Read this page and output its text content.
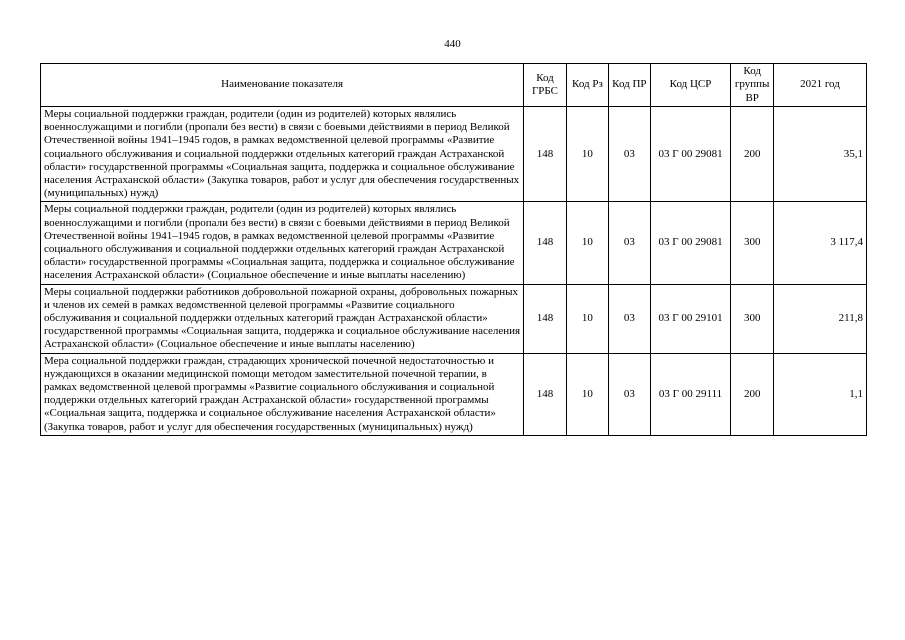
440
Наименование показателя	Код ГРБС	Код Рз	Код ПР	Код ЦСР	Код группы ВР	2021 год
Меры социальной поддержки граждан, родители (один из родителей) которых являлись военнослужащими и погибли (пропали без вести) в связи с боевыми действиями в период Великой Отечественной войны 1941–1945 годов, в рамках ведомственной целевой программы «Развитие социального обслуживания и социальной поддержки отдельных категорий граждан Астраханской области» государственной программы «Социальная защита, поддержка и социальное обслуживание населения Астраханской области» (Закупка товаров, работ и услуг для обеспечения государственных (муниципальных) нужд)	148	10	03	03 Г 00 29081	200	35,1
Меры социальной поддержки граждан, родители (один из родителей) которых являлись военнослужащими и погибли (пропали без вести) в связи с боевыми действиями в период Великой Отечественной войны 1941–1945 годов, в рамках ведомственной целевой программы «Развитие социального обслуживания и социальной поддержки отдельных категорий граждан Астраханской области» государственной программы «Социальная защита, поддержка и социальное обслуживание населения Астраханской области» (Социальное обеспечение и иные выплаты населению)	148	10	03	03 Г 00 29081	300	3 117,4
Меры социальной поддержки работников добровольной пожарной охраны, добровольных пожарных и членов их семей в рамках ведомственной целевой программы «Развитие социального обслуживания и социальной поддержки отдельных категорий граждан Астраханской области» государственной программы «Социальная защита, поддержка и социальное обслуживание населения Астраханской области» (Социальное обеспечение и иные выплаты населению)	148	10	03	03 Г 00 29101	300	211,8
Мера социальной поддержки граждан, страдающих хронической почечной недостаточностью и нуждающихся в оказании медицинской помощи методом заместительной почечной терапии, в рамках ведомственной целевой программы «Развитие социального обслуживания и социальной поддержки отдельных категорий граждан Астраханской области» государственной программы «Социальная защита, поддержка и социальное обслуживание населения Астраханской области» (Закупка товаров, работ и услуг для обеспечения государственных (муниципальных) нужд)	148	10	03	03 Г 00 29111	200	1,1
